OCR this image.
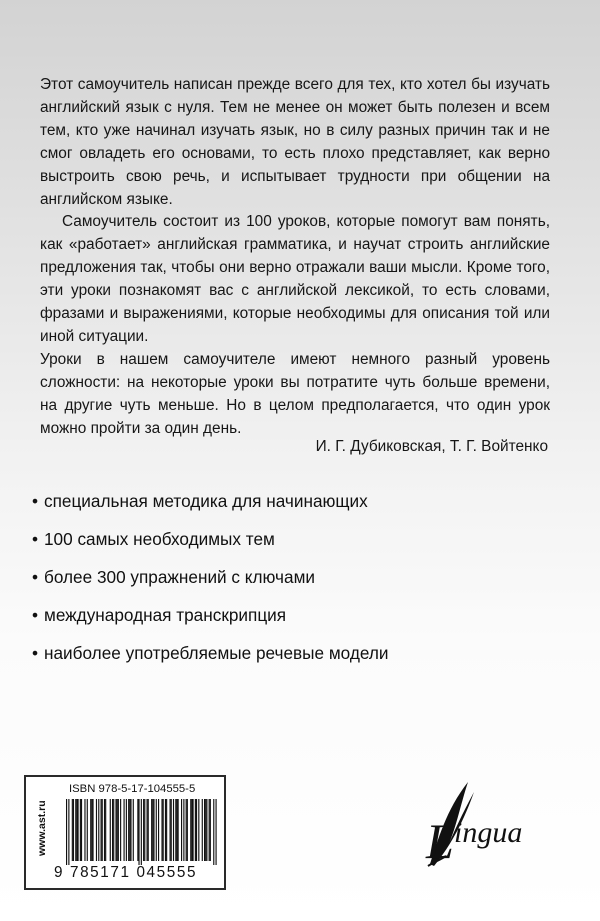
Этот самоучитель написан прежде всего для тех, кто хотел бы изучать английский язык с нуля. Тем не менее он может быть полезен и всем тем, кто уже начинал изучать язык, но в силу разных причин так и не смог овладеть его основами, то есть плохо представляет, как верно выстроить свою речь, и испытывает трудности при общении на английском языке.

Самоучитель состоит из 100 уроков, которые помогут вам понять, как «работает» английская грамматика, и научат строить английские предложения так, чтобы они верно отражали ваши мысли. Кроме того, эти уроки познакомят вас с английской лексикой, то есть словами, фразами и выражениями, которые необходимы для описания той или иной ситуации.

Уроки в нашем самоучителе имеют немного разный уровень сложности: на некоторые уроки вы потратите чуть больше времени, на другие чуть меньше. Но в целом предполагается, что один урок можно пройти за один день.

И. Г. Дубиковская, Т. Г. Войтенко
• специальная методика для начинающих
• 100 самых необходимых тем
• более 300 упражнений с ключами
• международная транскрипция
• наиболее употребляемые речевые модели
www.ast.ru
ISBN 978-5-17-104555-5
9 785171 045555
L ingua
